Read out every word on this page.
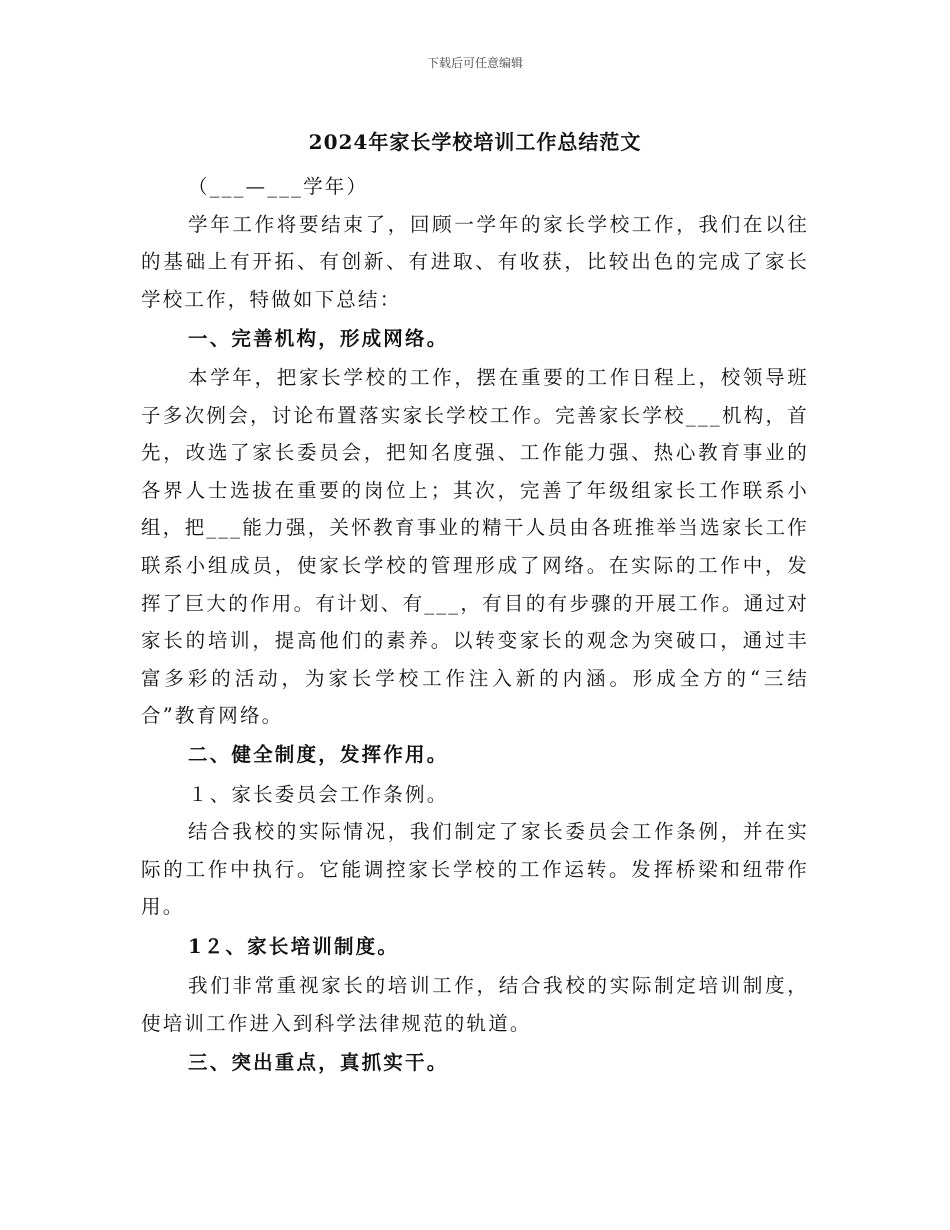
下载后可任意编辑
2024年家长学校培训工作总结范文

（___—___学年）

学年工作将要结束了，回顾一学年的家长学校工作，我们在以往的基础上有开拓、有创新、有进取、有收获，比较出色的完成了家长学校工作，特做如下总结：

一、完善机构，形成网络。

本学年，把家长学校的工作，摆在重要的工作日程上，校领导班子多次例会，讨论布置落实家长学校工作。完善家长学校___机构，首先，改选了家长委员会，把知名度强、工作能力强、热心教育事业的各界人士选拔在重要的岗位上；其次，完善了年级组家长工作联系小组，把___能力强，关怀教育事业的精干人员由各班推举当选家长工作联系小组成员，使家长学校的管理形成了网络。在实际的工作中，发挥了巨大的作用。有计划、有___，有目的有步骤的开展工作。通过对家长的培训，提高他们的素养。以转变家长的观念为突破口，通过丰富多彩的活动，为家长学校工作注入新的内涵。形成全方的“三结合”教育网络。

二、健全制度，发挥作用。

１、家长委员会工作条例。

结合我校的实际情况，我们制定了家长委员会工作条例，并在实际的工作中执行。它能调控家长学校的工作运转。发挥桥梁和纽带作用。

1２、家长培训制度。

我们非常重视家长的培训工作，结合我校的实际制定培训制度，使培训工作进入到科学法律规范的轨道。

三、突出重点，真抓实干。
